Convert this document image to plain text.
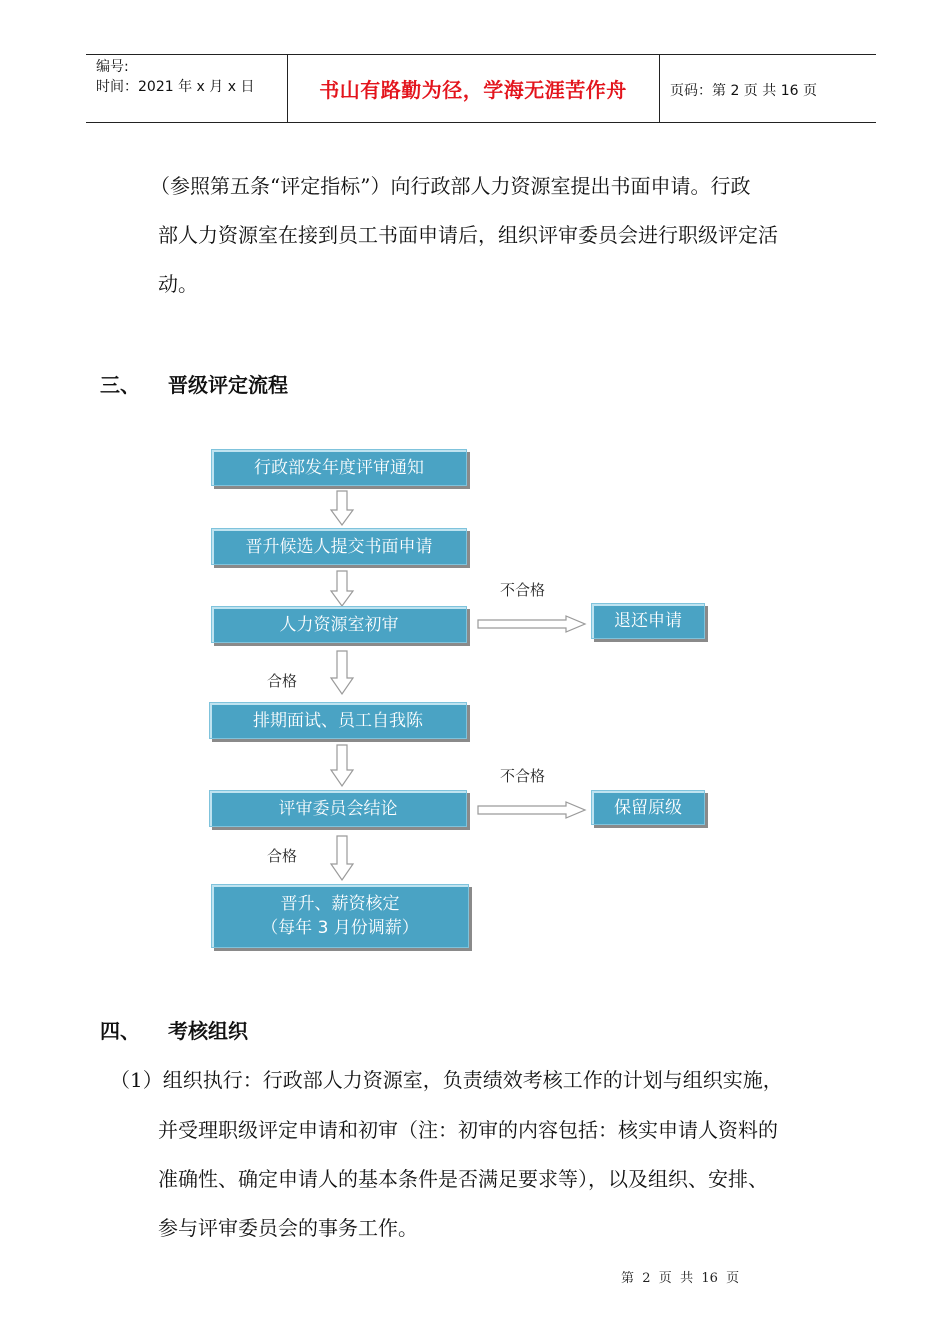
编号:
时间：2021 年 x 月 x 日	书山有路勤为径，学海无涯苦作舟	页码：第 2 页 共 16 页
（参照第五条“评定指标”）向行政部人力资源室提出书面申请。行政
部人力资源室在接到员工书面申请后，组织评审委员会进行职级评定活
动。
三、 晋级评定流程
行政部发年度评审通知
晋升候选人提交书面申请
人力资源室初审
排期面试、员工自我陈
评审委员会结论
晋升、薪资核定
（每年 3 月份调薪）
退还申请
保留原级
不合格
不合格
合格
合格
四、 考核组织
（1）组织执行：行政部人力资源室，负责绩效考核工作的计划与组织实施，
并受理职级评定申请和初审（注：初审的内容包括：核实申请人资料的
准确性、确定申请人的基本条件是否满足要求等），以及组织、安排、
参与评审委员会的事务工作。
第  2  页  共  16  页
